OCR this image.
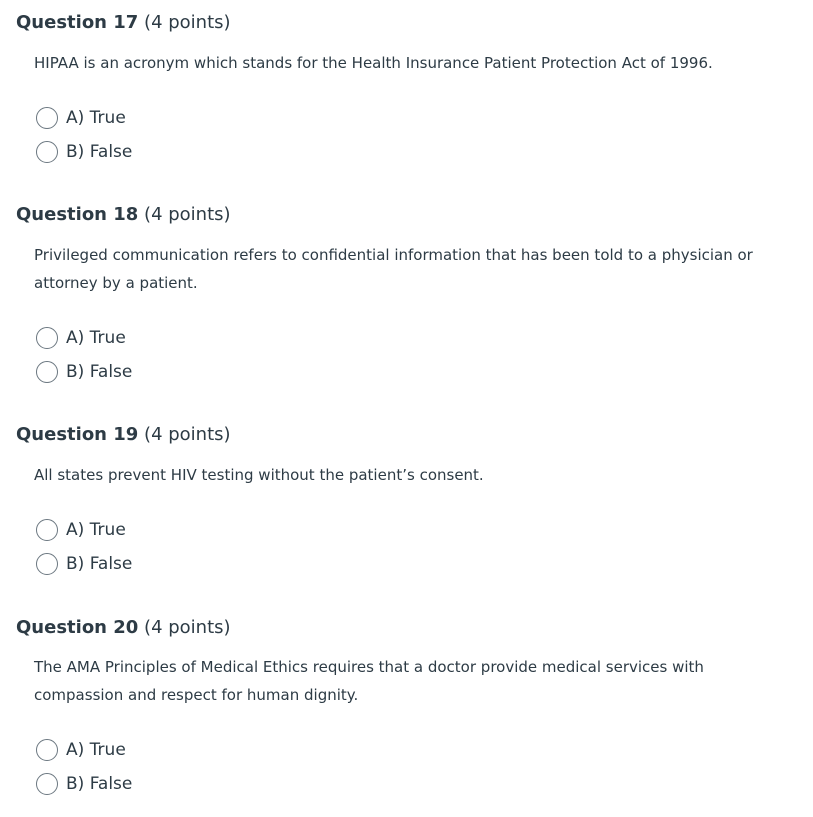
Question 17 (4 points)
HIPAA is an acronym which stands for the Health Insurance Patient Protection Act of 1996.
A) True
B) False
Question 18 (4 points)
Privileged communication refers to confidential information that has been told to a physician or attorney by a patient.
A) True
B) False
Question 19 (4 points)
All states prevent HIV testing without the patient’s consent.
A) True
B) False
Question 20 (4 points)
The AMA Principles of Medical Ethics requires that a doctor provide medical services with compassion and respect for human dignity.
A) True
B) False
